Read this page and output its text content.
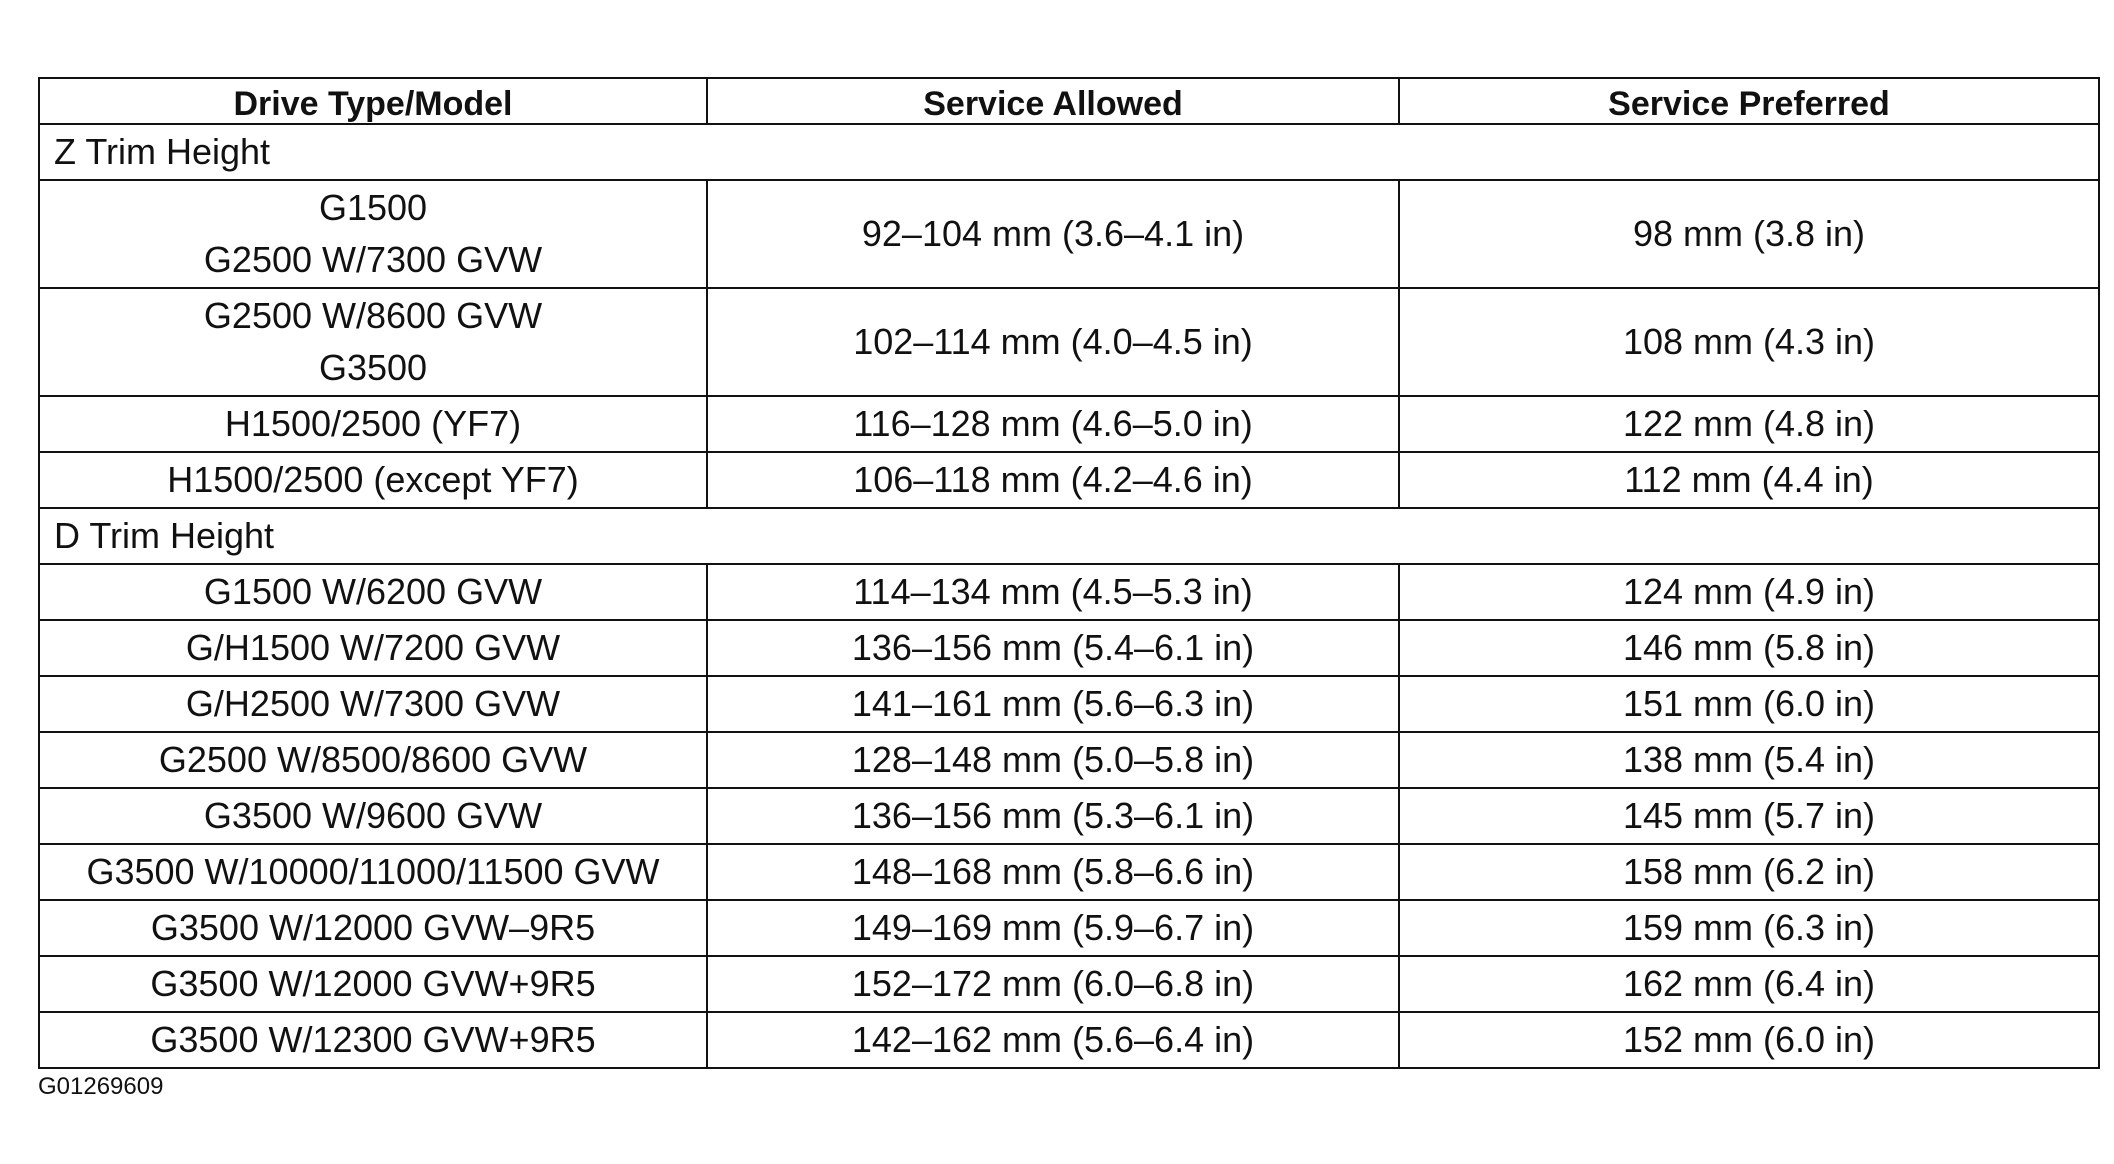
Drive Type/Model	Service Allowed	Service Preferred
Z Trim Height		

G1500
G2500 W/7300 GVW	92–104 mm (3.6–4.1 in)	98 mm (3.8 in)

G2500 W/8600 GVW
G3500	102–114 mm (4.0–4.5 in)	108 mm (4.3 in)

H1500/2500 (YF7)	116–128 mm (4.6–5.0 in)	122 mm (4.8 in)

H1500/2500 (except YF7)	106–118 mm (4.2–4.6 in)	112 mm (4.4 in)
D Trim Height		

G1500 W/6200 GVW	114–134 mm (4.5–5.3 in)	124 mm (4.9 in)

G/H1500 W/7200 GVW	136–156 mm (5.4–6.1 in)	146 mm (5.8 in)

G/H2500 W/7300 GVW	141–161 mm (5.6–6.3 in)	151 mm (6.0 in)

G2500 W/8500/8600 GVW	128–148 mm (5.0–5.8 in)	138 mm (5.4 in)

G3500 W/9600 GVW	136–156 mm (5.3–6.1 in)	145 mm (5.7 in)

G3500 W/10000/11000/11500 GVW	148–168 mm (5.8–6.6 in)	158 mm (6.2 in)

G3500 W/12000 GVW–9R5	149–169 mm (5.9–6.7 in)	159 mm (6.3 in)

G3500 W/12000 GVW+9R5	152–172 mm (6.0–6.8 in)	162 mm (6.4 in)

G3500 W/12300 GVW+9R5	142–162 mm (5.6–6.4 in)	152 mm (6.0 in)
G01269609
